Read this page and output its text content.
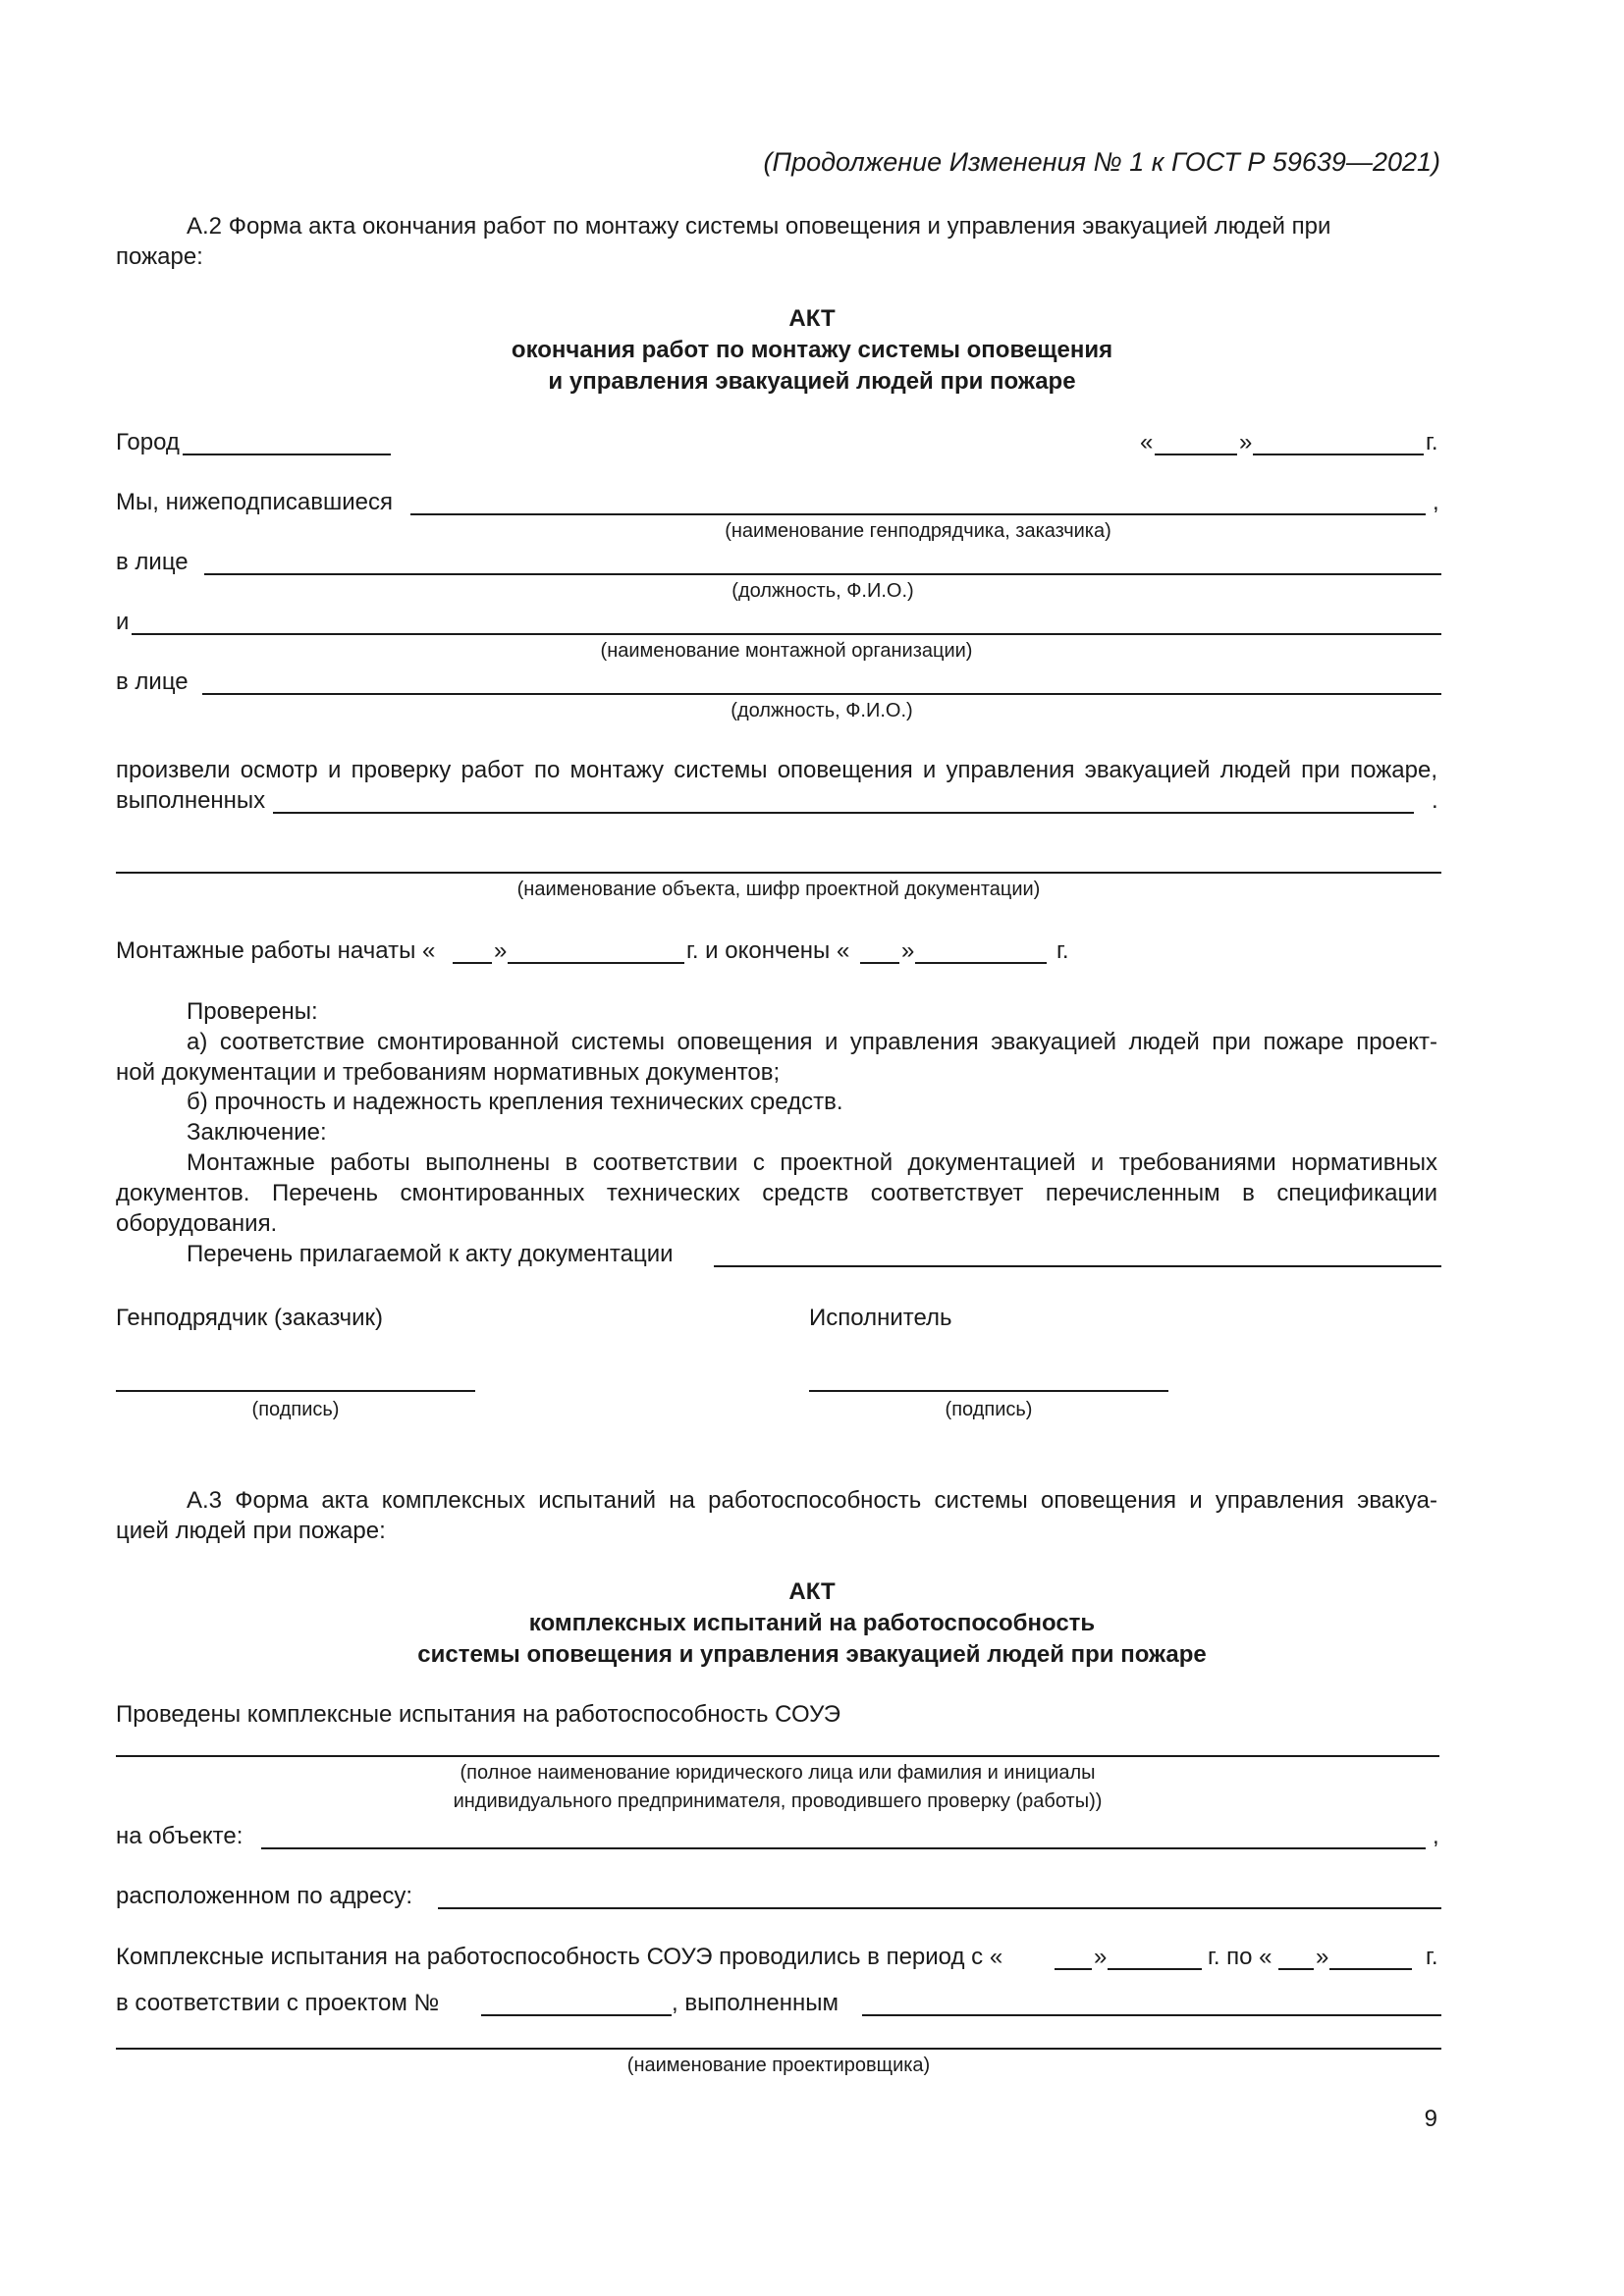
(Продолжение Изменения № 1 к ГОСТ Р 59639—2021)
А.2 Форма акта окончания работ по монтажу системы оповещения и управления эвакуацией людей при
пожаре:
АКТ
окончания работ по монтажу системы оповещения
и управления эвакуацией людей при пожаре
Город	«	»	г.
Мы, нижеподписавшиеся	,
(наименование генподрядчика, заказчика)
в лице
(должность, Ф.И.О.)
и
(наименование монтажной организации)
в лице
(должность, Ф.И.О.)
произвели осмотр и проверку работ по монтажу системы оповещения и управления эвакуацией людей при пожаре,
выполненных	.
(наименование объекта, шифр проектной документации)
Монтажные работы начаты « »	г. и окончены « »	г.
Проверены:
а) соответствие смонтированной системы оповещения и управления эвакуацией людей при пожаре проект-
ной документации и требованиям нормативных документов;
б) прочность и надежность крепления технических средств.
Заключение:
Монтажные работы выполнены в соответствии с проектной документацией и требованиями нормативных
документов. Перечень смонтированных технических средств соответствует перечисленным в спецификации
оборудования.
Перечень прилагаемой к акту документации
Генподрядчик (заказчик)	Исполнитель
(подпись)	(подпись)
А.3 Форма акта комплексных испытаний на работоспособность системы оповещения и управления эвакуа-
цией людей при пожаре:
АКТ
комплексных испытаний на работоспособность
системы оповещения и управления эвакуацией людей при пожаре
Проведены комплексные испытания на работоспособность СОУЭ
(полное наименование юридического лица или фамилия и инициалы
индивидуального предпринимателя, проводившего проверку (работы))
на объекте:	,
расположенном по адресу:
Комплексные испытания на работоспособность СОУЭ проводились в период с «	»	г. по « »	г.
в соответствии с проектом №	, выполненным
(наименование проектировщика)
9
